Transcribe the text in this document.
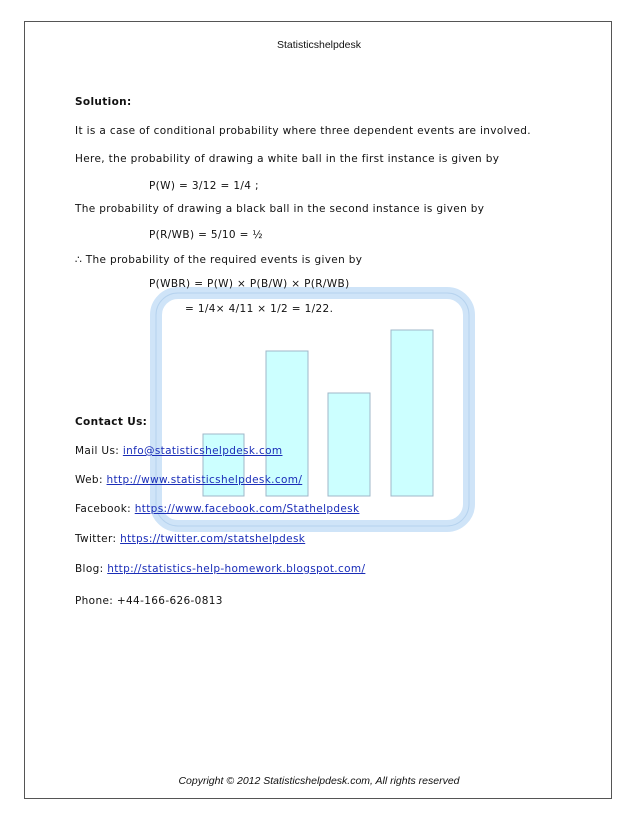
Statisticshelpdesk
Solution:
It is a case of conditional probability where three dependent events are involved.
Here, the probability of drawing a white ball in the first instance is given by
P(W) = 3/12 = 1/4 ;
The probability of drawing a black ball in the second instance is given by
P(R/WB) = 5/10 = ½
∴ The probability of the required events is given by
P(WBR) = P(W) × P(B/W) × P(R/WB)
= 1/4× 4/11 × 1/2 = 1/22.
Contact Us:
Mail Us: info@statisticshelpdesk.com
Web: http://www.statisticshelpdesk.com/
Facebook: https://www.facebook.com/Stathelpdesk
Twitter: https://twitter.com/statshelpdesk
Blog: http://statistics-help-homework.blogspot.com/
Phone: +44-166-626-0813
Copyright © 2012 Statisticshelpdesk.com, All rights reserved
